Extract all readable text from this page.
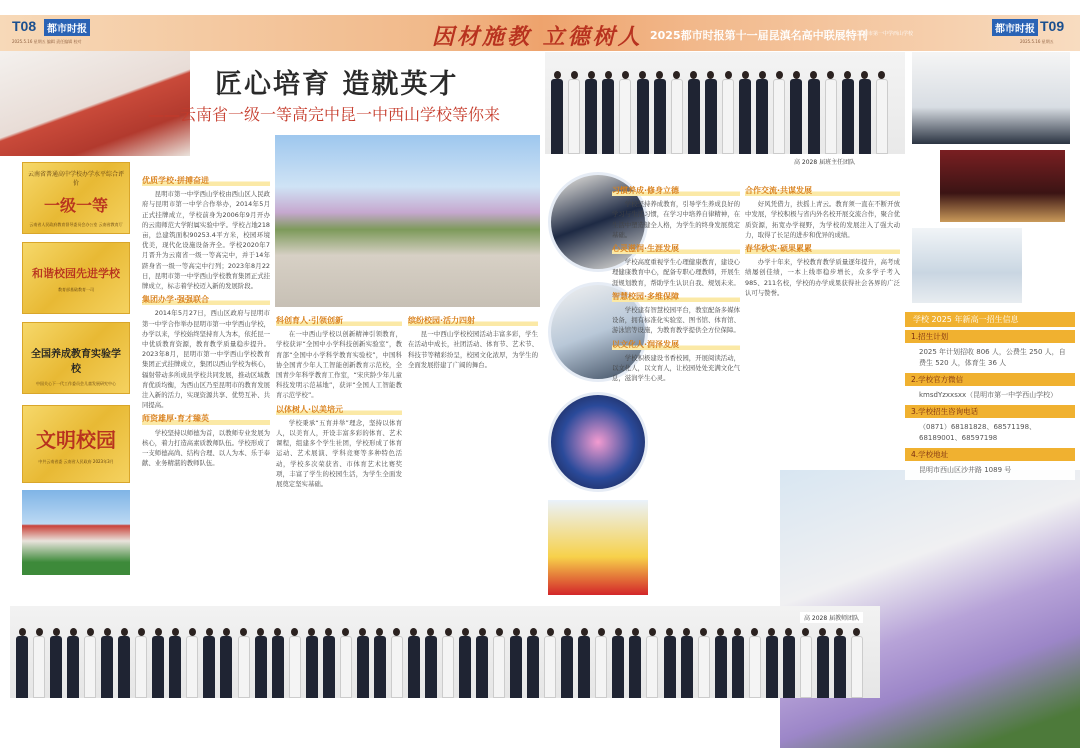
T08	都市时报
2025.5.16 星期五 编辑 责任编辑 校对	因材施教 立德树人 2025都市时报第十一届昆滇名高中联展特刊
昆明市第一中学西山学校	都市时报 T09
2025.5.16 星期五
匠心培育 造就英才
——云南省一级一等高完中昆一中西山学校等你来
云南省普通高中学校办学水平综合评价
一级一等
云南省人民政府教育督导委员会办公室 云南省教育厅
和谐校园先进学校
教育部基础教育一司
全国养成教育实验学校
中国关心下一代工作委员会儿童发展研究中心
文明校园
中共云南省委 云南省人民政府 2023年3月
优质学校·拼搏奋进

昆明市第一中学西山学校由西山区人民政府与昆明市第一中学合作举办，2014年5月正式挂牌成立，学校前身为2006年9月开办的云南师范大学附属实验中学。学校占地218亩，总建筑面积90253.4平方米，校园环境优美，现代化设施设备齐全。学校2020年7月晋升为云南省一级一等高完中，并于14年跻身省一级一等高完中行列；2023年8月22日，昆明市第一中学西山学校教育集团正式挂牌成立，标志着学校迈入新的发展阶段。

集团办学·强强联合

2014年5月27日，西山区政府与昆明市第一中学合作举办昆明市第一中学西山学校，办学以来，学校始终坚持育人为本，依托昆一中优质教育资源，教育教学质量稳步提升。2023年8月，昆明市第一中学西山学校教育集团正式挂牌成立，集团以西山学校为核心，辐射带动多所成员学校共同发展，推动区域教育优质均衡，为西山区乃至昆明市的教育发展注入新的活力，实现资源共享、优势互补、共同提高。

师资雄厚·育才臻英

学校坚持以师德为首，以教师专业发展为核心，着力打造高素质教师队伍。学校形成了一支师德高尚、结构合理、以人为本、乐于奉献、业务精湛的教师队伍。

科创育人·引领创新

在一中西山学校以创新精神引领教育，学校获评“全国中小学科技创新实验室”，教育部“全国中小学科学教育实验校”，中国科协全国青少年人工智能创新教育示范校，全国青少年科学教育工作室，“宋庆龄少年儿童科技发明示范基地”，获评“全国人工智能教育示范学校”。

以体树人·以美培元

学校秉承“五育并举”理念，坚持以体育人，以美育人，开设丰富多彩的体育、艺术课程，组建多个学生社团，学校形成了体育运动、艺术展演、学科竞赛等多种特色活动，学校多次荣获省、市体育艺术比赛奖项，丰富了学生的校园生活，为学生全面发展奠定坚实基础。

缤纷校园·活力四射

昆一中西山学校校园活动丰富多彩，学生在活动中成长，社团活动、体育节、艺术节、科技节等精彩纷呈，校园文化浓厚，为学生的全面发展搭建了广阔的舞台。

高 2028 届班主任团队
习惯养成·修身立德

学校坚持养成教育，引导学生养成良好的学习与生活习惯，在学习中培养自律精神，在生活中塑造健全人格，为学生的终身发展奠定基础。

心灵滋润·生涯发展

学校高度重视学生心理健康教育，建设心理健康教育中心，配备专职心理教师，开展生涯规划教育，帮助学生认识自我、规划未来。

智慧校园·多维保障

学校建有智慧校园平台，教室配备多媒体设备，拥有标准化实验室、图书馆、体育馆、游泳馆等设施，为教育教学提供全方位保障。

以文化人·润泽发展

学校积极建设书香校园，开展阅读活动，以文化人，以文育人，让校园处处充满文化气息，滋润学生心灵。

合作交流·共谋发展

好风凭借力，扶摇上青云。教育须一直在不断开放中发展，学校积极与省内外名校开展交流合作，聚合优质资源，拓宽办学视野，为学校的发展注入了强大动力，取得了长足的进步和优异的成绩。

春华秋实·硕果累累

办学十年来，学校教育教学质量逐年提升，高考成绩屡创佳绩，一本上线率稳步增长，众多学子考入985、211名校，学校的办学成果获得社会各界的广泛认可与赞誉。

学校 2025 年新高一招生信息
1.招生计划
2025 年计划招收 806 人，公费生 250 人，自费生 520 人，体育生 36 人
2.学校官方微信
kmsdYzxxsxx（昆明市第一中学西山学校）
3.学校招生咨询电话
（0871）68181828、68571198、68189001、68597198
4.学校地址
昆明市西山区沙井路 1089 号
高 2028 届教师团队
